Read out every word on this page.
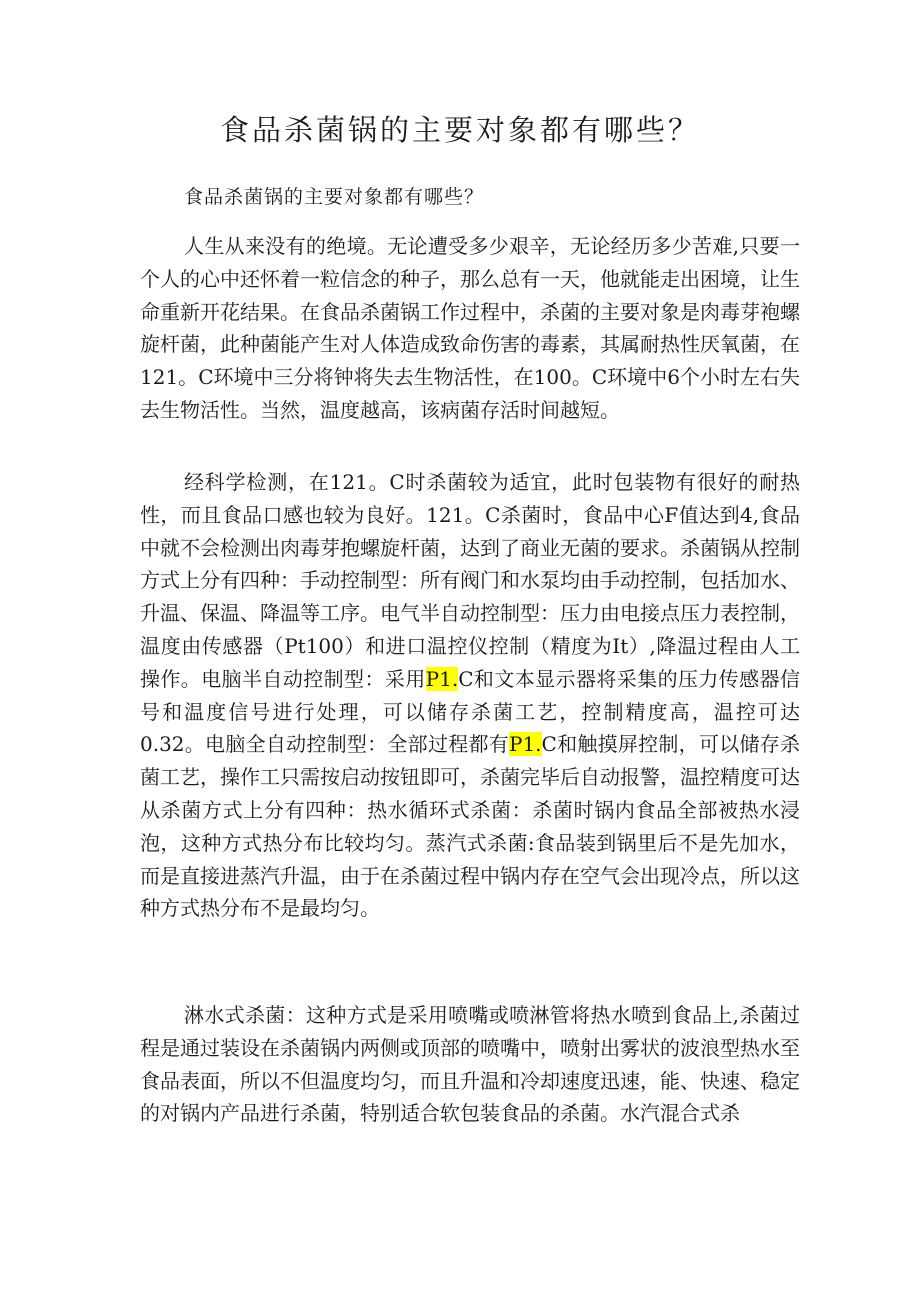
食品杀菌锅的主要对象都有哪些？

食品杀菌锅的主要对象都有哪些？

人生从来没有的绝境。无论遭受多少艰辛，无论经历多少苦难,只要一个人的心中还怀着一粒信念的种子，那么总有一天，他就能走出困境，让生命重新开花结果。在食品杀菌锅工作过程中，杀菌的主要对象是肉毒芽袍螺旋杆菌，此种菌能产生对人体造成致命伤害的毒素，其属耐热性厌氧菌，在121。C环境中三分将钟将失去生物活性，在100。C环境中6个小时左右失去生物活性。当然，温度越高，该病菌存活时间越短。

经科学检测，在121。C时杀菌较为适宜，此时包装物有很好的耐热性，而且食品口感也较为良好。121。C杀菌时，食品中心F值达到4,食品中就不会检测出肉毒芽抱螺旋杆菌，达到了商业无菌的要求。杀菌锅从控制方式上分有四种：手动控制型：所有阀门和水泵均由手动控制，包括加水、升温、保温、降温等工序。电气半自动控制型：压力由电接点压力表控制，温度由传感器（Pt100）和进口温控仪控制（精度为It）,降温过程由人工操作。电脑半自动控制型：采用P1.C和文本显示器将采集的压力传感器信号和温度信号进行处理，可以储存杀菌工艺，控制精度高，温控可达0.32。电脑全自动控制型：全部过程都有P1.C和触摸屏控制，可以储存杀菌工艺，操作工只需按启动按钮即可，杀菌完毕后自动报警，温控精度可达从杀菌方式上分有四种：热水循环式杀菌：杀菌时锅内食品全部被热水浸泡，这种方式热分布比较均匀。蒸汽式杀菌:食品装到锅里后不是先加水，而是直接进蒸汽升温，由于在杀菌过程中锅内存在空气会出现冷点，所以这种方式热分布不是最均匀。

淋水式杀菌：这种方式是采用喷嘴或喷淋管将热水喷到食品上,杀菌过程是通过装设在杀菌锅内两侧或顶部的喷嘴中，喷射出雾状的波浪型热水至食品表面，所以不但温度均匀，而且升温和冷却速度迅速，能、快速、稳定的对锅内产品进行杀菌，特别适合软包装食品的杀菌。水汽混合式杀
